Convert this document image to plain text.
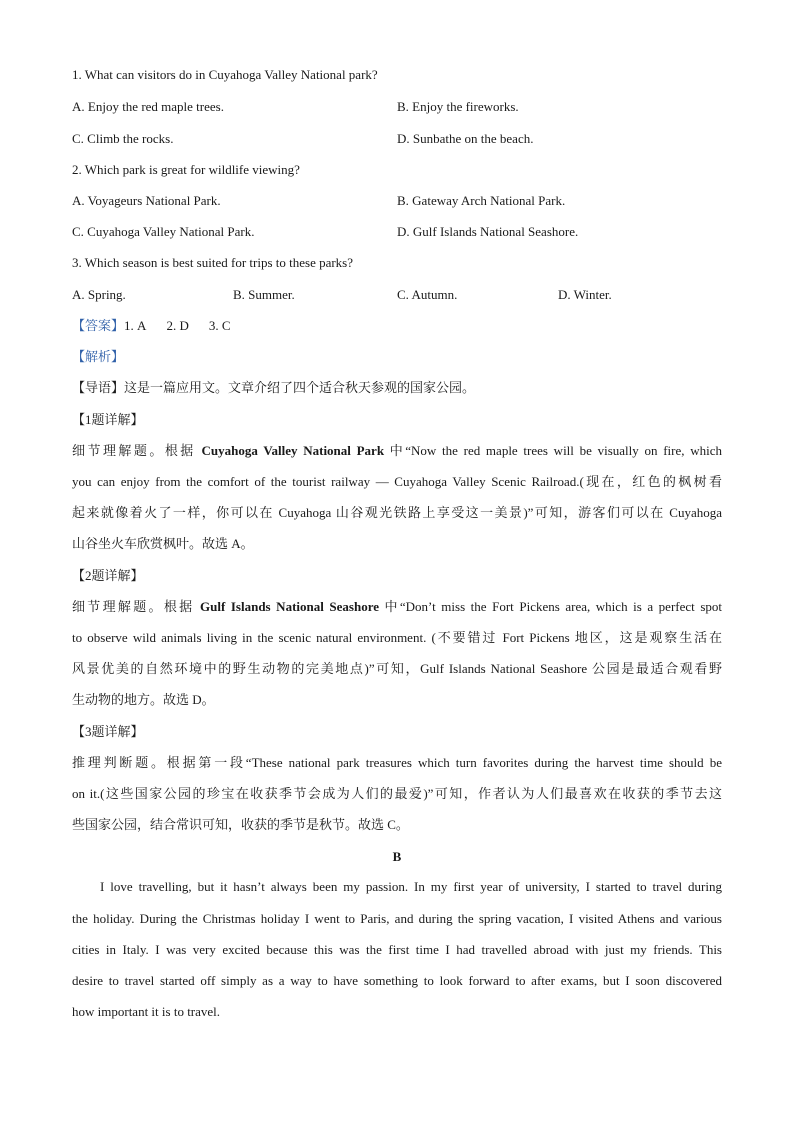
1. What can visitors do in Cuyahoga Valley National park?
A. Enjoy the red maple trees.	B. Enjoy the fireworks.
C. Climb the rocks.	D. Sunbathe on the beach.
2. Which park is great for wildlife viewing?
A. Voyageurs National Park.	B. Gateway Arch National Park.
C. Cuyahoga Valley National Park.	D. Gulf Islands National Seashore.
3. Which season is best suited for trips to these parks?
A. Spring.	B. Summer.	C. Autumn.	D. Winter.
【答案】1. A 2. D 3. C
【解析】
【导语】这是一篇应用文。文章介绍了四个适合秋天参观的国家公园。
【1题详解】
细节理解题。根据 Cuyahoga Valley National Park 中“Now the red maple trees will be visually on fire, which
you can enjoy from the comfort of the tourist railway — Cuyahoga Valley Scenic Railroad.(现在，红色的枫树看
起来就像着火了一样，你可以在 Cuyahoga 山谷观光铁路上享受这一美景)”可知，游客们可以在 Cuyahoga
山谷坐火车欣赏枫叶。故选 A。
【2题详解】
细节理解题。根据 Gulf Islands National Seashore 中“Don’t miss the Fort Pickens area, which is a perfect spot
to observe wild animals living in the scenic natural environment. (不要错过 Fort Pickens 地区，这是观察生活在
风景优美的自然环境中的野生动物的完美地点)”可知，Gulf Islands National Seashore 公园是最适合观看野
生动物的地方。故选 D。
【3题详解】
推理判断题。根据第一段“These national park treasures which turn favorites during the harvest time should be
on it.(这些国家公园的珍宝在收获季节会成为人们的最爱)”可知，作者认为人们最喜欢在收获的季节去这
些国家公园，结合常识可知，收获的季节是秋节。故选 C。
B
I love travelling, but it hasn’t always been my passion. In my first year of university, I started to travel during
the holiday. During the Christmas holiday I went to Paris, and during the spring vacation, I visited Athens and various
cities in Italy. I was very excited because this was the first time I had travelled abroad with just my friends. This
desire to travel started off simply as a way to have something to look forward to after exams, but I soon discovered
how important it is to travel.
